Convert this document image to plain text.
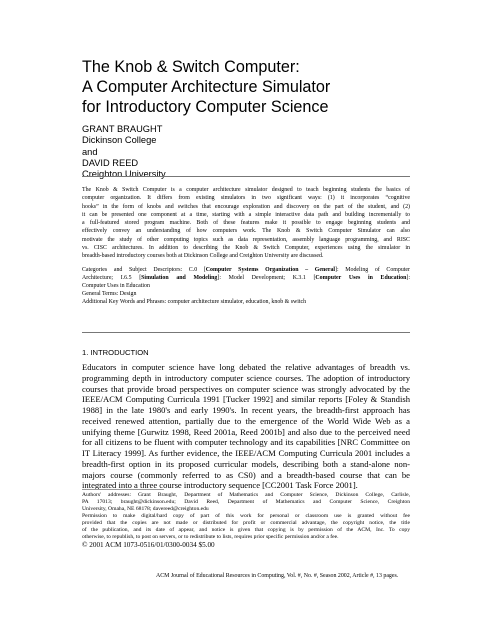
The Knob & Switch Computer:
A Computer Architecture Simulator
for Introductory Computer Science
GRANT BRAUGHT
Dickinson College
and
DAVID REED
Creighton University
The Knob & Switch Computer is a computer architecture simulator designed to teach beginning students the basics of
computer organization. It differs from existing simulators in two significant ways: (1) it incorporates “cognitive
hooks” in the form of knobs and switches that encourage exploration and discovery on the part of the student, and (2)
it can be presented one component at a time, starting with a simple interactive data path and building incrementally to
a full-featured stored program machine. Both of these features make it possible to engage beginning students and
effectively convey an understanding of how computers work. The Knob & Switch Computer Simulator can also
motivate the study of other computing topics such as data representation, assembly language programming, and RISC
vs. CISC architectures. In addition to describing the Knob & Switch Computer, experiences using the simulator in
breadth-based introductory courses both at Dickinson College and Creighton University are discussed.
Categories and Subject Descriptors: C.0 [Computer Systems Organization – General]: Modeling of Computer
Architecture; I.6.5 [Simulation and Modeling]: Model Development; K.3.1 [Computer Uses in Education]:
Computer Uses in Education
General Terms: Design
Additional Key Words and Phrases: computer architecture simulator, education, knob & switch
1. INTRODUCTION
Educators in computer science have long debated the relative advantages of breadth vs.
programming depth in introductory computer science courses. The adoption of introductory
courses that provide broad perspectives on computer science was strongly advocated by the
IEEE/ACM Computing Curricula 1991 [Tucker 1992] and similar reports [Foley & Standish
1988] in the late 1980's and early 1990's. In recent years, the breadth-first approach has
received renewed attention, partially due to the emergence of the World Wide Web as a
unifying theme [Gurwitz 1998, Reed 2001a, Reed 2001b] and also due to the perceived need
for all citizens to be fluent with computer technology and its capabilities [NRC Committee on
IT Literacy 1999]. As further evidence, the IEEE/ACM Computing Curricula 2001 includes a
breadth-first option in its proposed curricular models, describing both a stand-alone non-
majors course (commonly referred to as CS0) and a breadth-based course that can be
integrated into a three course introductory sequence [CC2001 Task Force 2001].
Authors' addresses: Grant Braught, Department of Mathematics and Computer Science, Dickinson College, Carlisle,
PA 17013; braught@dickinson.edu; David Reed, Department of Mathematics and Computer Science, Creighton
University, Omaha, NE 68178; davereed@creighton.edu
Permission to make digital/hard copy of part of this work for personal or classroom use is granted without fee
provided that the copies are not made or distributed for profit or commercial advantage, the copyright notice, the title
of the publication, and its date of appear, and notice is given that copying is by permission of the ACM, Inc. To copy
otherwise, to republish, to post on servers, or to redistribute to lists, requires prior specific permission and/or a fee.
© 2001 ACM 1073-0516/01/0300-0034 $5.00
ACM Journal of Educational Resources in Computing, Vol. #, No. #, Season 2002, Article #, 13 pages.
